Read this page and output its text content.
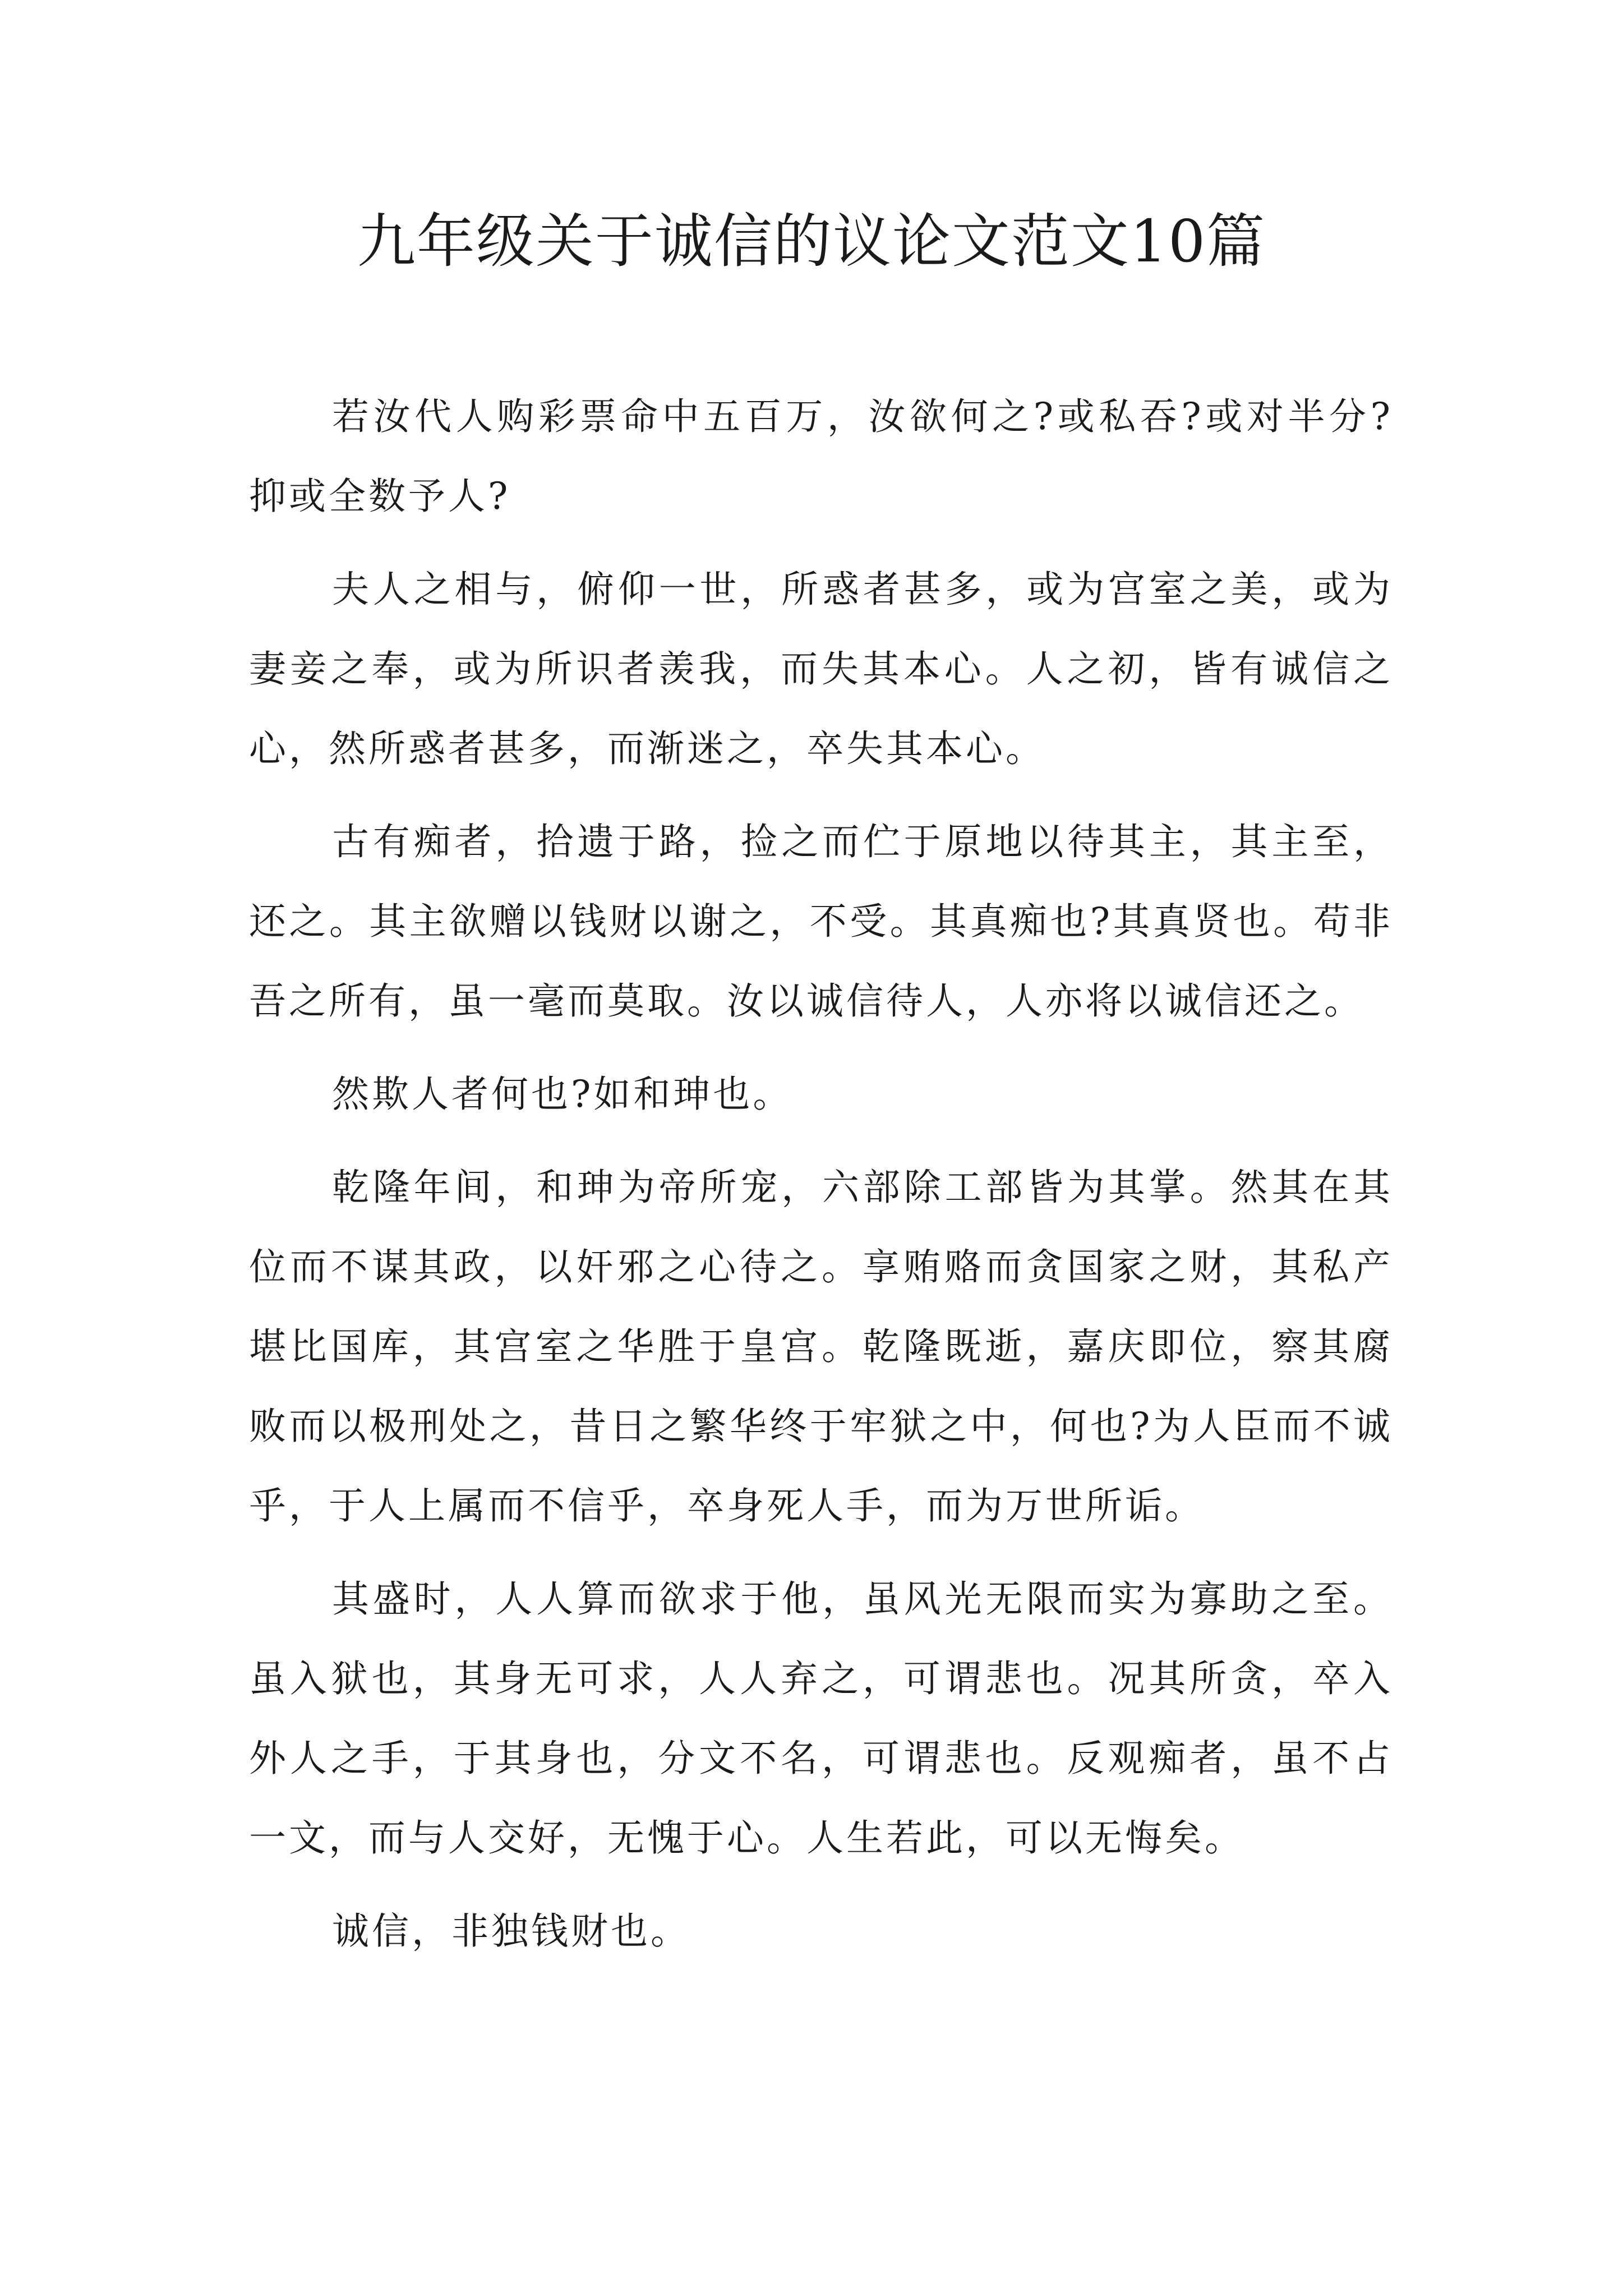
九年级关于诚信的议论文范文10篇

若汝代人购彩票命中五百万，汝欲何之?或私吞?或对半分?抑或全数予人?

夫人之相与，俯仰一世，所惑者甚多，或为宫室之美，或为妻妾之奉，或为所识者羡我，而失其本心。人之初，皆有诚信之心，然所惑者甚多，而渐迷之，卒失其本心。

古有痴者，拾遗于路，捡之而伫于原地以待其主，其主至，还之。其主欲赠以钱财以谢之，不受。其真痴也?其真贤也。苟非吾之所有，虽一毫而莫取。汝以诚信待人，人亦将以诚信还之。

然欺人者何也?如和珅也。

乾隆年间，和珅为帝所宠，六部除工部皆为其掌。然其在其位而不谋其政，以奸邪之心待之。享贿赂而贪国家之财，其私产堪比国库，其宫室之华胜于皇宫。乾隆既逝，嘉庆即位，察其腐败而以极刑处之，昔日之繁华终于牢狱之中，何也?为人臣而不诚乎，于人上属而不信乎，卒身死人手，而为万世所诟。

其盛时，人人算而欲求于他，虽风光无限而实为寡助之至。虽入狱也，其身无可求，人人弃之，可谓悲也。况其所贪，卒入外人之手，于其身也，分文不名，可谓悲也。反观痴者，虽不占一文，而与人交好，无愧于心。人生若此，可以无悔矣。

诚信，非独钱财也。
